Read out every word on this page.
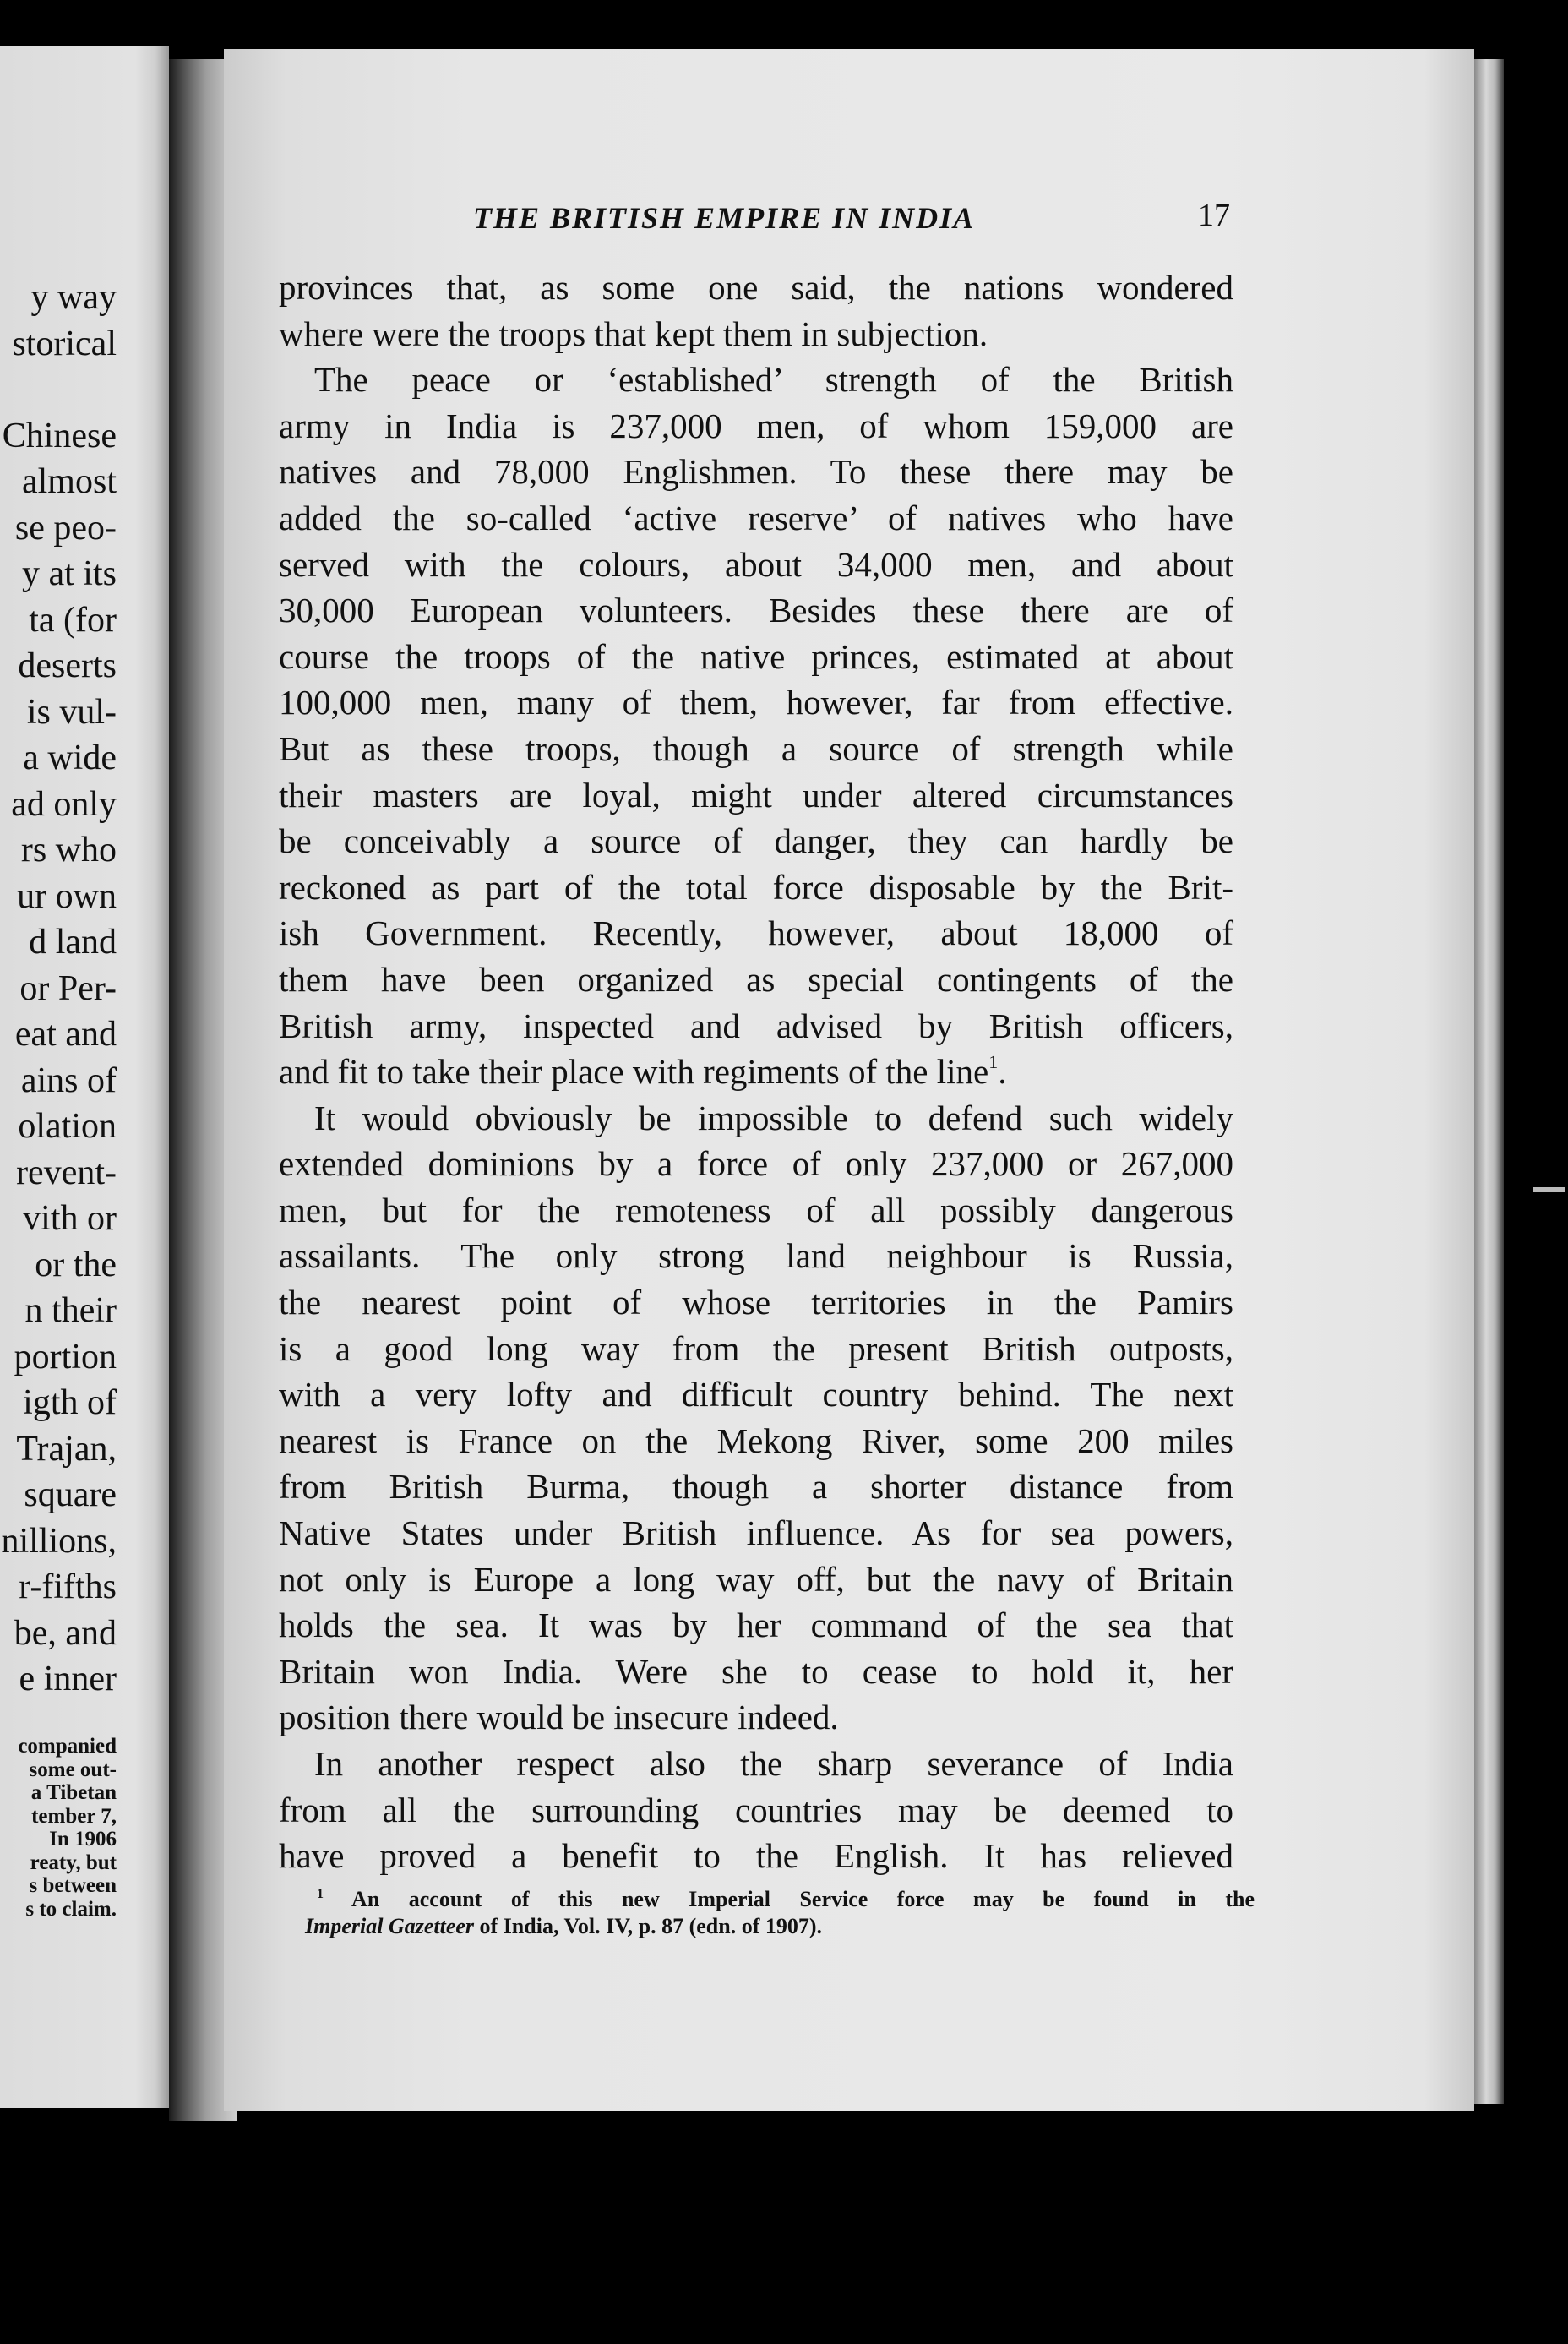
y way
storical
Chinese
almost
se peo-
y at its
ta (for
deserts
is vul-
a wide
ad only
rs who
ur own
d land
or Per-
eat and
ains of
olation
revent-
vith or
or the
n their
portion
igth of
Trajan,
square
nillions,
r-fifths
be, and
e inner
companied
some out-
a Tibetan
tember 7,
In 1906
reaty, but
s between
s to claim.
THE BRITISH EMPIRE IN INDIA	17
provinces that, as some one said, the nations wondered
where were the troops that kept them in subjection.
The peace or ‘established’ strength of the British
army in India is 237,000 men, of whom 159,000 are
natives and 78,000 Englishmen. To these there may be
added the so-called ‘active reserve’ of natives who have
served with the colours, about 34,000 men, and about
30,000 European volunteers. Besides these there are of
course the troops of the native princes, estimated at about
100,000 men, many of them, however, far from effective.
But as these troops, though a source of strength while
their masters are loyal, might under altered circumstances
be conceivably a source of danger, they can hardly be
reckoned as part of the total force disposable by the Brit-
ish Government. Recently, however, about 18,000 of
them have been organized as special contingents of the
British army, inspected and advised by British officers,
and fit to take their place with regiments of the line$^1$.
It would obviously be impossible to defend such widely
extended dominions by a force of only 237,000 or 267,000
men, but for the remoteness of all possibly dangerous
assailants. The only strong land neighbour is Russia,
the nearest point of whose territories in the Pamirs
is a good long way from the present British outposts,
with a very lofty and difficult country behind. The next
nearest is France on the Mekong River, some 200 miles
from British Burma, though a shorter distance from
Native States under British influence. As for sea powers,
not only is Europe a long way off, but the navy of Britain
holds the sea. It was by her command of the sea that
Britain won India. Were she to cease to hold it, her
position there would be insecure indeed.
In another respect also the sharp severance of India
from all the surrounding countries may be deemed to
have proved a benefit to the English. It has relieved
$^1$ An account of this new Imperial Service force may be found in the
Imperial Gazetteer of India, Vol. IV, p. 87 (edn. of 1907).
